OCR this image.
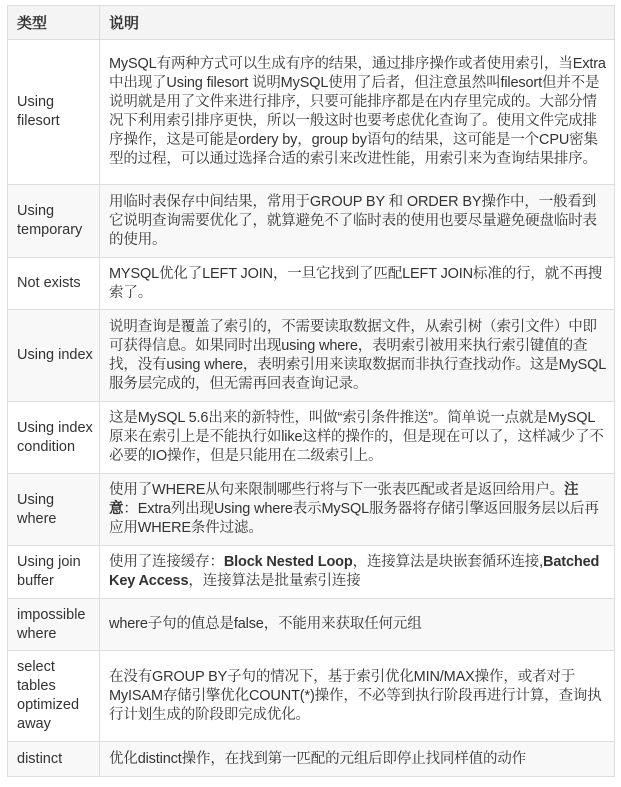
类型	说明
Using filesort	MySQL有两种方式可以生成有序的结果，通过排序操作或者使用索引，当Extra中出现了Using filesort 说明MySQL使用了后者，但注意虽然叫filesort但并不是说明就是用了文件来进行排序，只要可能排序都是在内存里完成的。大部分情况下利用索引排序更快，所以一般这时也要考虑优化查询了。使用文件完成排序操作，这是可能是ordery by，group by语句的结果，这可能是一个CPU密集型的过程，可以通过选择合适的索引来改进性能，用索引来为查询结果排序。
Using temporary	用临时表保存中间结果，常用于GROUP BY 和 ORDER BY操作中，一般看到它说明查询需要优化了，就算避免不了临时表的使用也要尽量避免硬盘临时表的使用。
Not exists	MYSQL优化了LEFT JOIN，一旦它找到了匹配LEFT JOIN标准的行，就不再搜索了。
Using index	说明查询是覆盖了索引的，不需要读取数据文件，从索引树（索引文件）中即可获得信息。如果同时出现using where，表明索引被用来执行索引键值的查找，没有using where，表明索引用来读取数据而非执行查找动作。这是MySQL服务层完成的，但无需再回表查询记录。
Using index condition	这是MySQL 5.6出来的新特性，叫做“索引条件推送”。简单说一点就是MySQL原来在索引上是不能执行如like这样的操作的，但是现在可以了，这样减少了不必要的IO操作，但是只能用在二级索引上。
Using where	使用了WHERE从句来限制哪些行将与下一张表匹配或者是返回给用户。注意：Extra列出现Using where表示MySQL服务器将存储引擎返回服务层以后再应用WHERE条件过滤。
Using join buffer	使用了连接缓存：Block Nested Loop，连接算法是块嵌套循环连接,Batched Key Access，连接算法是批量索引连接
impossible where	where子句的值总是false，不能用来获取任何元组
select tables optimized away	在没有GROUP BY子句的情况下，基于索引优化MIN/MAX操作，或者对于MyISAM存储引擎优化COUNT(*)操作，不必等到执行阶段再进行计算，查询执行计划生成的阶段即完成优化。
distinct	优化distinct操作，在找到第一匹配的元组后即停止找同样值的动作
